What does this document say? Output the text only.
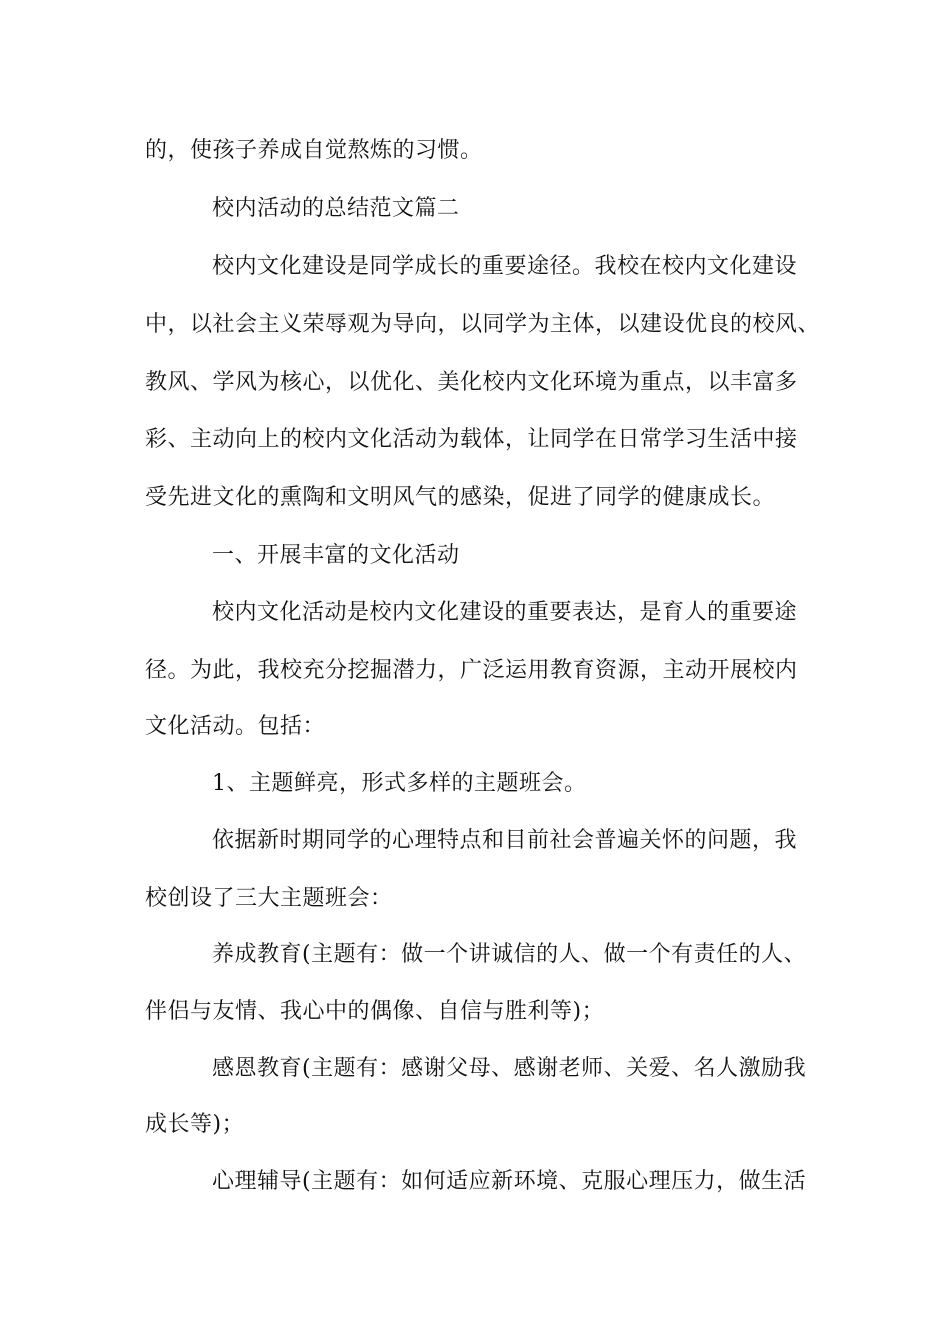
的，使孩子养成自觉熬炼的习惯。
校内活动的总结范文篇二
校内文化建设是同学成长的重要途径。我校在校内文化建设
中，以社会主义荣辱观为导向，以同学为主体，以建设优良的校风、
教风、学风为核心，以优化、美化校内文化环境为重点，以丰富多
彩、主动向上的校内文化活动为载体，让同学在日常学习生活中接
受先进文化的熏陶和文明风气的感染，促进了同学的健康成长。
一、开展丰富的文化活动
校内文化活动是校内文化建设的重要表达，是育人的重要途
径。为此，我校充分挖掘潜力，广泛运用教育资源，主动开展校内
文化活动。包括：
1、主题鲜亮，形式多样的主题班会。
依据新时期同学的心理特点和目前社会普遍关怀的问题，我
校创设了三大主题班会：
养成教育(主题有：做一个讲诚信的人、做一个有责任的人、
伴侣与友情、我心中的偶像、自信与胜利等)；
感恩教育(主题有：感谢父母、感谢老师、关爱、名人激励我
成长等)；
心理辅导(主题有：如何适应新环境、克服心理压力，做生活
